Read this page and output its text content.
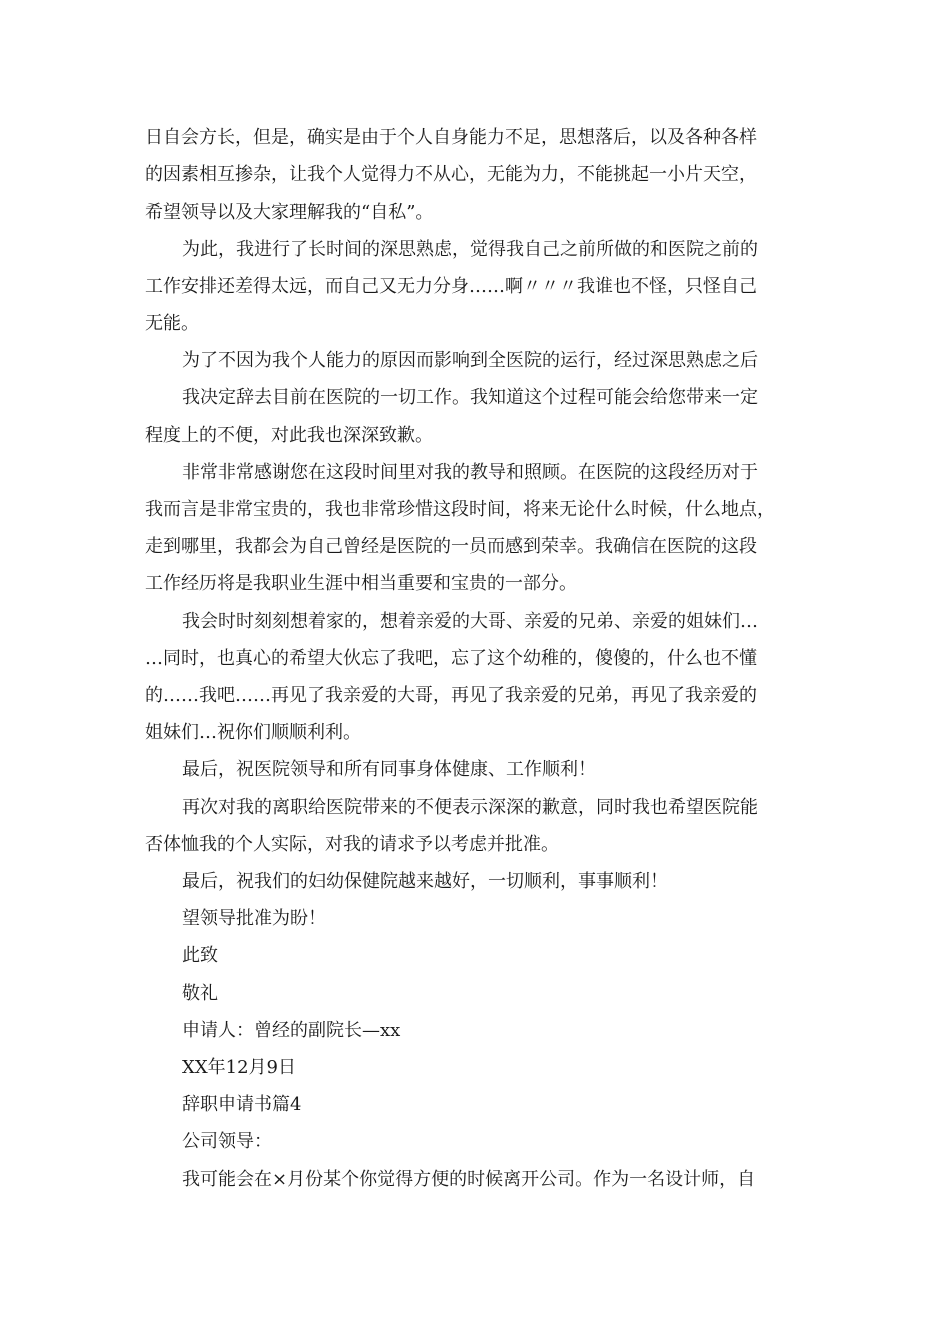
日自会方长，但是，确实是由于个人自身能力不足，思想落后，以及各种各样
的因素相互掺杂，让我个人觉得力不从心，无能为力，不能挑起一小片天空，
希望领导以及大家理解我的“自私”。
为此，我进行了长时间的深思熟虑，觉得我自己之前所做的和医院之前的
工作安排还差得太远，而自己又无力分身……啊〃〃〃我谁也不怪，只怪自己
无能。
为了不因为我个人能力的原因而影响到全医院的运行，经过深思熟虑之后
我决定辞去目前在医院的一切工作。我知道这个过程可能会给您带来一定
程度上的不便，对此我也深深致歉。
非常非常感谢您在这段时间里对我的教导和照顾。在医院的这段经历对于
我而言是非常宝贵的，我也非常珍惜这段时间，将来无论什么时候，什么地点，
走到哪里，我都会为自己曾经是医院的一员而感到荣幸。我确信在医院的这段
工作经历将是我职业生涯中相当重要和宝贵的一部分。
我会时时刻刻想着家的，想着亲爱的大哥、亲爱的兄弟、亲爱的姐妹们…
…同时，也真心的希望大伙忘了我吧，忘了这个幼稚的，傻傻的，什么也不懂
的……我吧……再见了我亲爱的大哥，再见了我亲爱的兄弟，再见了我亲爱的
姐妹们…祝你们顺顺利利。
最后，祝医院领导和所有同事身体健康、工作顺利！
再次对我的离职给医院带来的不便表示深深的歉意，同时我也希望医院能
否体恤我的个人实际，对我的请求予以考虑并批准。
最后，祝我们的妇幼保健院越来越好，一切顺利，事事顺利！
望领导批准为盼！
此致
敬礼
申请人：曾经的副院长—xx
XX年12月9日
辞职申请书篇4
公司领导：
我可能会在×月份某个你觉得方便的时候离开公司。作为一名设计师，自
